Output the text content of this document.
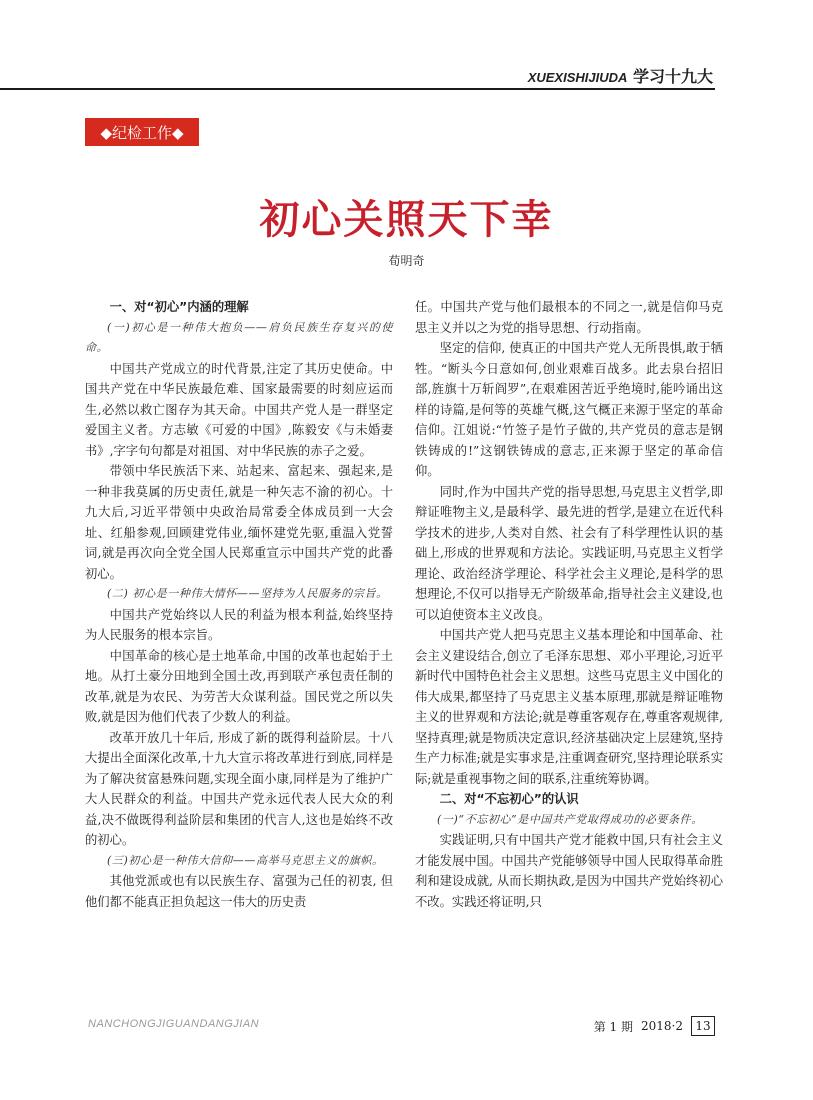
XUEXISHIJIUDA 学习十九大
◆纪检工作◆
初心关照天下幸
荀明奇

一、对“初心”内涵的理解

(一)初心是一种伟大抱负——肩负民族生存复兴的使命。

中国共产党成立的时代背景,注定了其历史使命。中国共产党在中华民族最危难、国家最需要的时刻应运而生,必然以救亡图存为其天命。中国共产党人是一群坚定爱国主义者。方志敏《可爱的中国》,陈毅安《与未婚妻书》,字字句句都是对祖国、对中华民族的赤子之爱。

带领中华民族活下来、站起来、富起来、强起来,是一种非我莫属的历史责任,就是一种矢志不渝的初心。十九大后,习近平带领中央政治局常委全体成员到一大会址、红船参观,回顾建党伟业,缅怀建党先驱,重温入党誓词,就是再次向全党全国人民郑重宣示中国共产党的此番初心。

(二) 初心是一种伟大情怀——坚持为人民服务的宗旨。

中国共产党始终以人民的利益为根本利益,始终坚持为人民服务的根本宗旨。

中国革命的核心是土地革命,中国的改革也起始于土地。从打土豪分田地到全国土改,再到联产承包责任制的改革,就是为农民、为劳苦大众谋利益。国民党之所以失败,就是因为他们代表了少数人的利益。

改革开放几十年后, 形成了新的既得利益阶层。十八大提出全面深化改革,十九大宣示将改革进行到底,同样是为了解决贫富悬殊问题,实现全面小康,同样是为了维护广大人民群众的利益。中国共产党永远代表人民大众的利益,决不做既得利益阶层和集团的代言人,这也是始终不改的初心。

(三)初心是一种伟大信仰——高举马克思主义的旗帜。

其他党派或也有以民族生存、富强为己任的初衷, 但他们都不能真正担负起这一伟大的历史责

任。中国共产党与他们最根本的不同之一,就是信仰马克思主义并以之为党的指导思想、行动指南。

坚定的信仰, 使真正的中国共产党人无所畏惧,敢于牺牲。“断头今日意如何,创业艰难百战多。此去泉台招旧部,旌旗十万斩阎罗”,在艰难困苦近乎绝境时,能吟诵出这样的诗篇,是何等的英雄气概,这气概正来源于坚定的革命信仰。江姐说:“竹签子是竹子做的,共产党员的意志是钢铁铸成的!”这钢铁铸成的意志,正来源于坚定的革命信仰。

同时,作为中国共产党的指导思想,马克思主义哲学,即辩证唯物主义,是最科学、最先进的哲学,是建立在近代科学技术的进步,人类对自然、社会有了科学理性认识的基础上,形成的世界观和方法论。实践证明,马克思主义哲学理论、政治经济学理论、科学社会主义理论,是科学的思想理论,不仅可以指导无产阶级革命,指导社会主义建设,也可以迫使资本主义改良。

中国共产党人把马克思主义基本理论和中国革命、社会主义建设结合,创立了毛泽东思想、邓小平理论,习近平新时代中国特色社会主义思想。这些马克思主义中国化的伟大成果,都坚持了马克思主义基本原理,那就是辩证唯物主义的世界观和方法论;就是尊重客观存在,尊重客观规律,坚持真理;就是物质决定意识,经济基础决定上层建筑,坚持生产力标准;就是实事求是,注重调查研究,坚持理论联系实际;就是重视事物之间的联系,注重统筹协调。

二、对“不忘初心”的认识

(一)“不忘初心”是中国共产党取得成功的必要条件。

实践证明,只有中国共产党才能救中国,只有社会主义才能发展中国。中国共产党能够领导中国人民取得革命胜利和建设成就, 从而长期执政,是因为中国共产党始终初心不改。实践还将证明,只

NANCHONGJIGUANDANGJIAN	第 1 期 2018·2	13
